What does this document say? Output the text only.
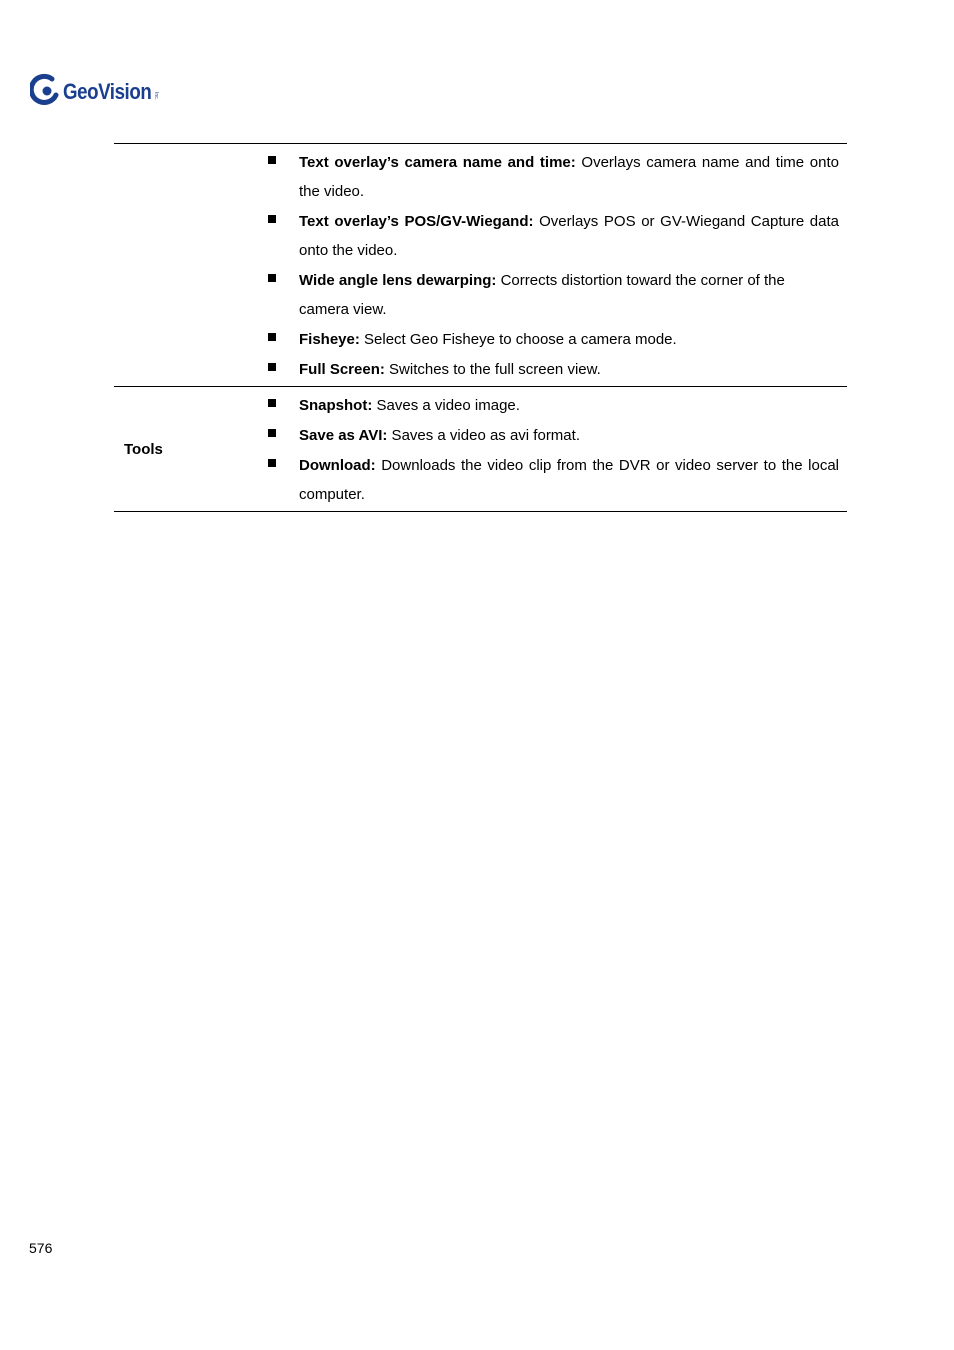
GeoVision Inc.
Text overlay’s camera name and time: Overlays camera name and time onto the video.
Text overlay’s POS/GV-Wiegand: Overlays POS or GV-Wiegand Capture data onto the video.
Wide angle lens dewarping: Corrects distortion toward the corner of the camera view.
Fisheye: Select Geo Fisheye to choose a camera mode.
Full Screen: Switches to the full screen view.
Tools
Snapshot: Saves a video image.
Save as AVI: Saves a video as avi format.
Download: Downloads the video clip from the DVR or video server to the local computer.
576
